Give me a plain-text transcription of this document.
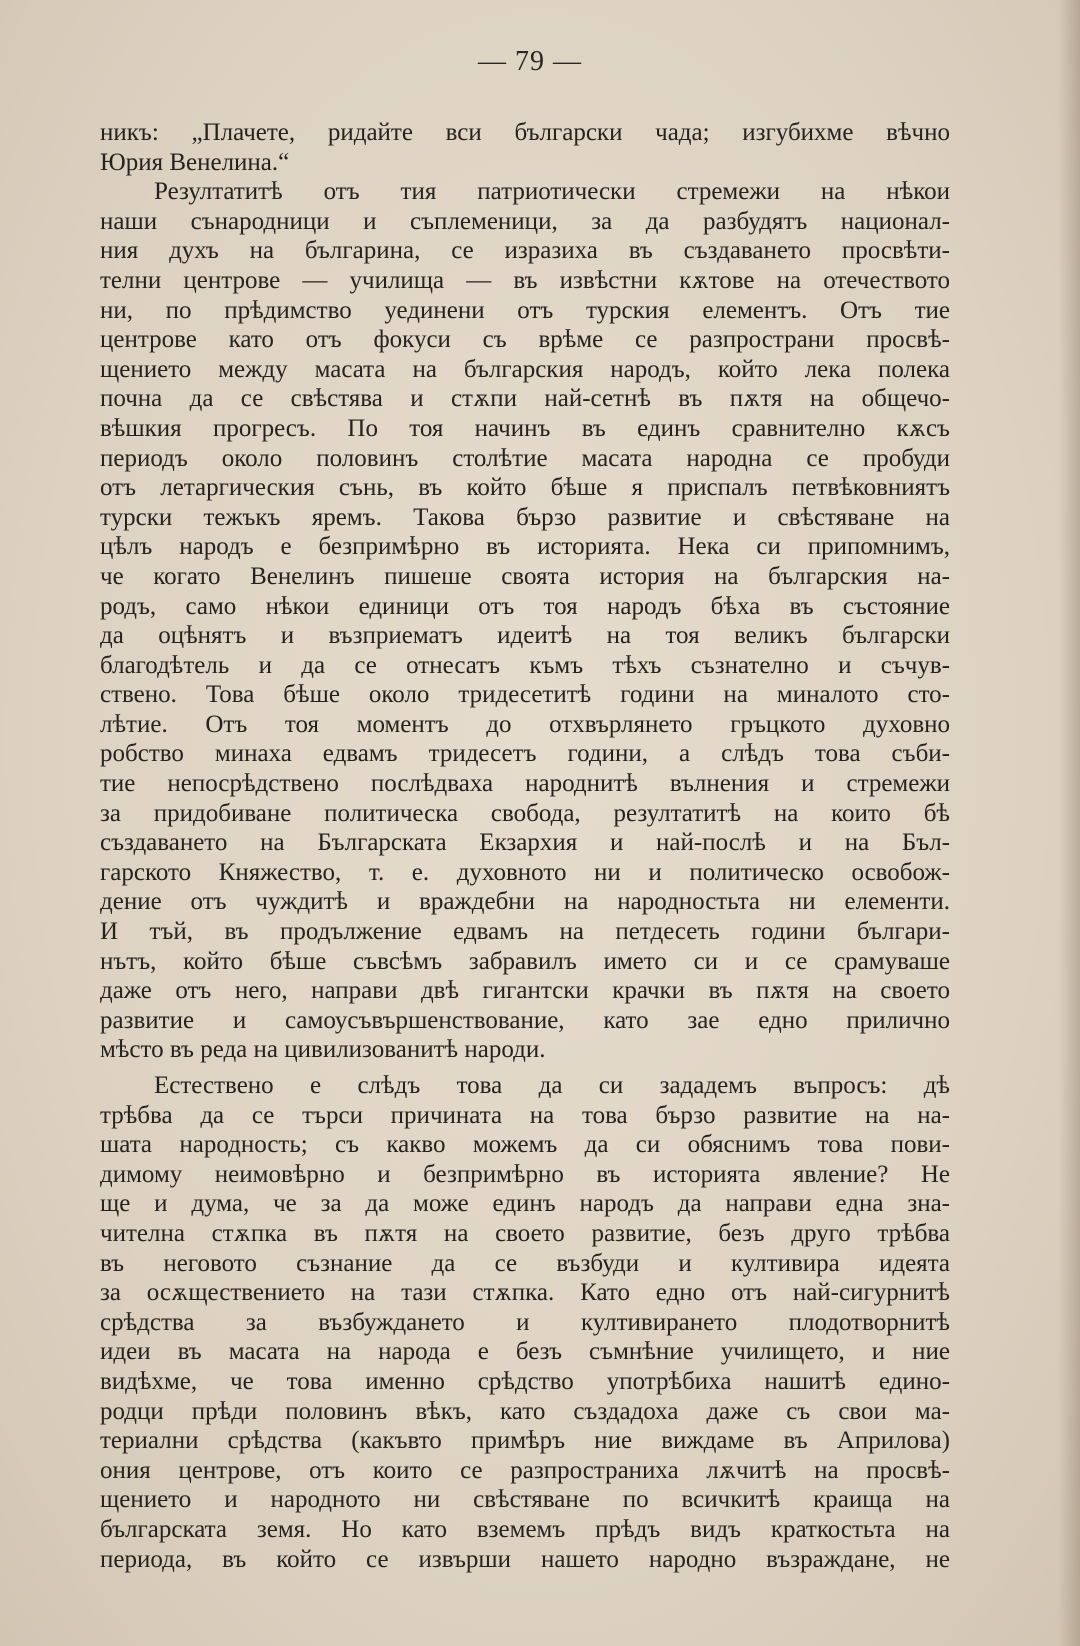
— 79 —
никъ: „Плачете, ридайте вси български чада; изгубихме вѣчно
Юрия Венелина.“
Резултатитѣ отъ тия патриотически стремежи на нѣкои
наши сънародници и съплеменици, за да разбудятъ национал-
ния духъ на българина, се изразиха въ създаването просвѣти-
телни центрове — училища — въ извѣстни кѫтове на отечеството
ни, по прѣдимство уединени отъ турския елементъ. Отъ тие
центрове като отъ фокуси съ врѣме се разпространи просвѣ-
щението между масата на българския народъ, който лека полека
почна да се свѣстява и стѫпи най-сетнѣ въ пѫтя на общечо-
вѣшкия прогресъ. По тоя начинъ въ единъ сравнително кѫсъ
периодъ около половинъ столѣтие масата народна се пробуди
отъ летаргическия сънь, въ който бѣше я приспалъ петвѣковниятъ
турски тежъкъ яремъ. Такова бързо развитие и свѣстяване на
цѣлъ народъ е безпримѣрно въ историята. Нека си припомнимъ,
че когато Венелинъ пишеше своята история на българския на-
родъ, само нѣкои единици отъ тоя народъ бѣха въ състояние
да оцѣнятъ и възприематъ идеитѣ на тоя великъ български
благодѣтель и да се отнесатъ къмъ тѣхъ съзнателно и съчув-
ствено. Това бѣше около тридесетитѣ години на миналото сто-
лѣтие. Отъ тоя моментъ до отхвърлянето гръцкото духовно
робство минаха едвамъ тридесетъ години, а слѣдъ това съби-
тие непосрѣдствено послѣдваха народнитѣ вълнения и стремежи
за придобиване политическа свобода, резултатитѣ на които бѣ
създаването на Българската Екзархия и най-послѣ и на Бъл-
гарското Княжество, т. е. духовното ни и политическо освобож-
дение отъ чуждитѣ и враждебни на народностьта ни елементи.
И тъй, въ продължение едвамъ на петдесеть години българи-
нътъ, който бѣше съвсѣмъ забравилъ името си и се срамуваше
даже отъ него, направи двѣ гигантски крачки въ пѫтя на своето
развитие и самоусъвършенствование, като зае едно прилично
мѣсто въ реда на цивилизованитѣ народи.
Естествено е слѣдъ това да си зададемъ въпросъ: дѣ
трѣбва да се търси причината на това бързо развитие на на-
шата народность; съ какво можемъ да си обяснимъ това пови-
димому неимовѣрно и безпримѣрно въ историята явление? Не
ще и дума, че за да може единъ народъ да направи една зна-
чителна стѫпка въ пѫтя на своето развитие, безъ друго трѣбва
въ неговото съзнание да се възбуди и култивира идеята
за осѫществението на тази стѫпка. Като едно отъ най-сигурнитѣ
срѣдства за възбуждането и култивирането плодотворнитѣ
идеи въ масата на народа е безъ съмнѣние училището, и ние
видѣхме, че това именно срѣдство употрѣбиха нашитѣ едино-
родци прѣди половинъ вѣкъ, като създадоха даже съ свои ма-
териални срѣдства (какъвто примѣръ ние виждаме въ Априлова)
ония центрове, отъ които се разпространиха лѫчитѣ на просвѣ-
щението и народното ни свѣстяване по всичкитѣ краища на
българската земя. Но като вземемъ прѣдъ видъ краткостьта на
периода, въ който се извърши нашето народно възраждане, не
